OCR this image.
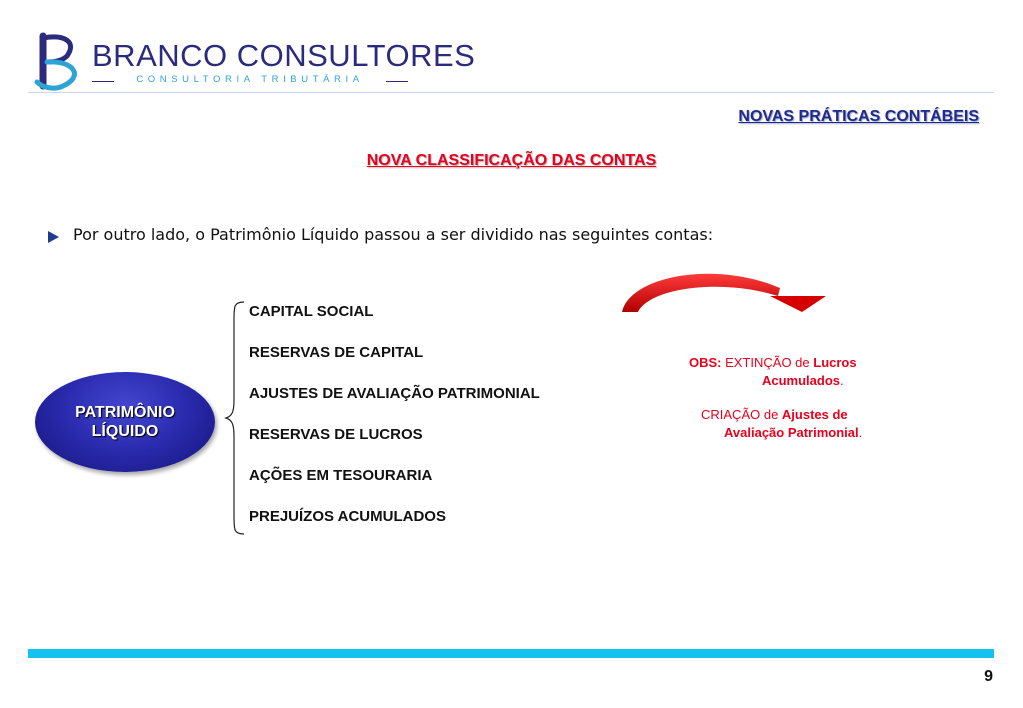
BRANCO CONSULTORES
CONSULTORIA TRIBUTÁRIA
NOVAS PRÁTICAS CONTÁBEIS
NOVA CLASSIFICAÇÃO DAS CONTAS
Por outro lado, o Patrimônio Líquido passou a ser dividido nas seguintes contas:
PATRIMÔNIO
LÍQUIDO
CAPITAL SOCIAL
RESERVAS DE CAPITAL
AJUSTES DE AVALIAÇÃO PATRIMONIAL
RESERVAS DE LUCROS
AÇÕES EM TESOURARIA
PREJUÍZOS ACUMULADOS
OBS: EXTINÇÃO de Lucros
Acumulados.
CRIAÇÃO de Ajustes de
Avaliação Patrimonial.
9
